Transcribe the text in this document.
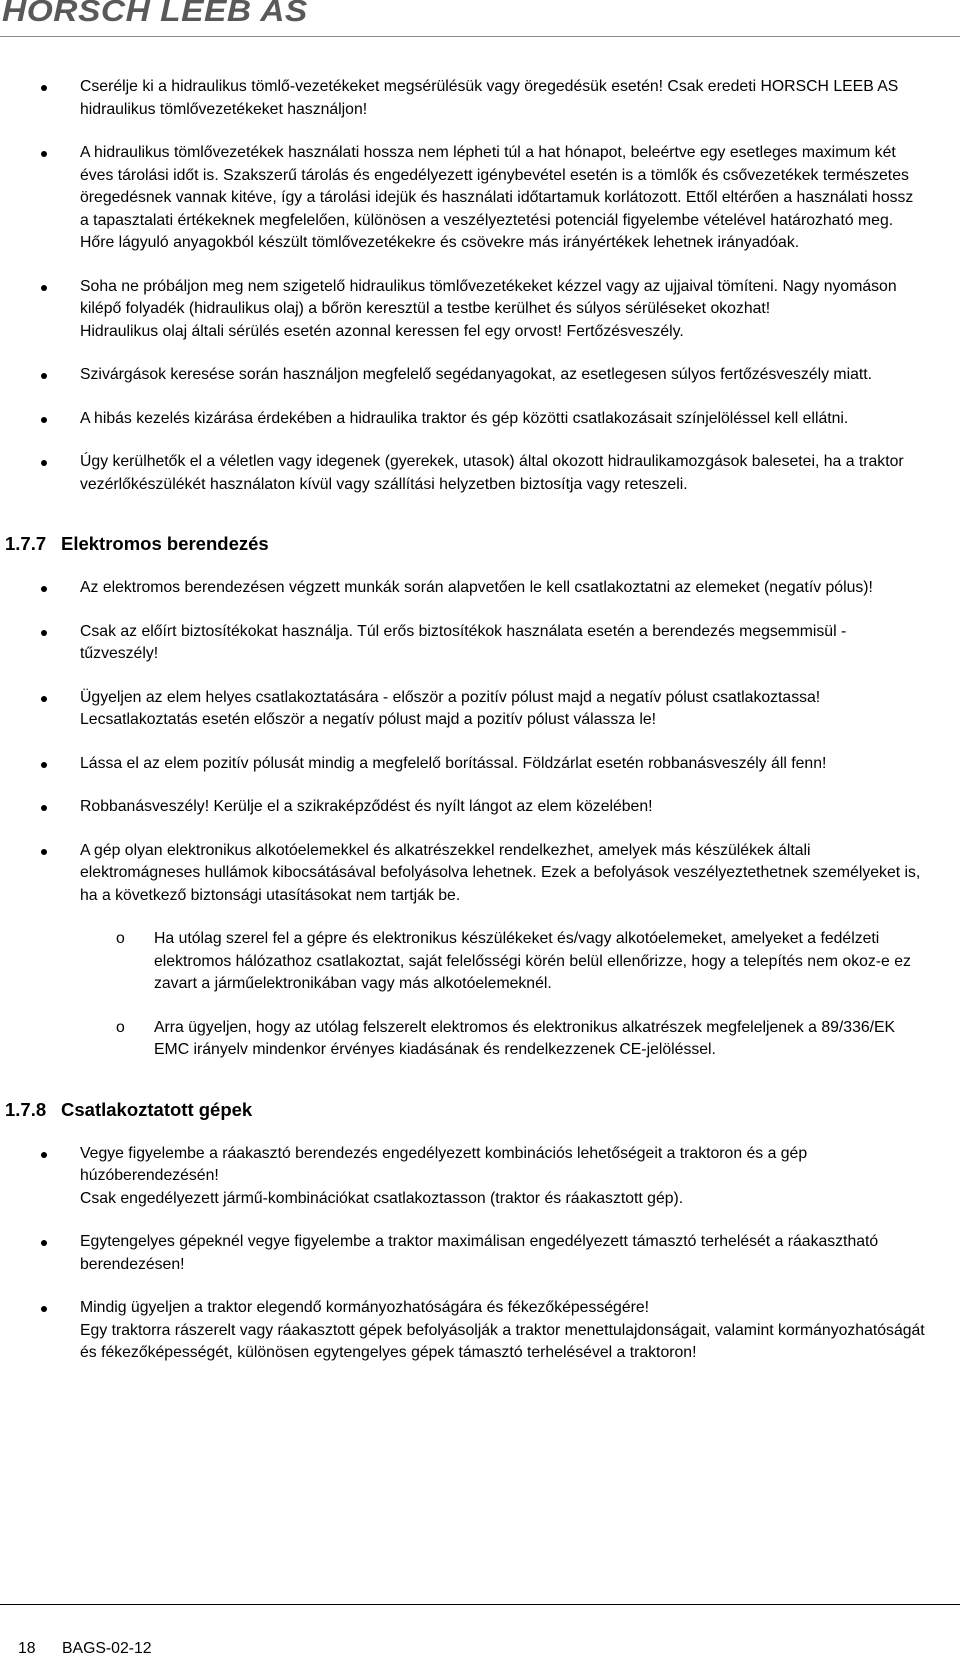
HORSCH LEEB AS

Cserélje ki a hidraulikus tömlő-vezetékeket megsérülésük vagy öregedésük esetén! Csak eredeti HORSCH LEEB AS hidraulikus tömlővezetékeket használjon!

A hidraulikus tömlővezetékek használati hossza nem lépheti túl a hat hónapot, beleértve egy esetleges maximum két éves tárolási időt is. Szakszerű tárolás és engedélyezett igénybevétel esetén is a tömlők és csővezetékek természetes öregedésnek vannak kitéve, így a tárolási idejük és használati időtartamuk korlátozott. Ettől eltérően a használati hossz a tapasztalati értékeknek megfelelően, különösen a veszélyeztetési potenciál figyelembe vételével határozható meg. Hőre lágyuló anyagokból készült tömlővezetékekre és csövekre más irányértékek lehetnek irányadóak.

Soha ne próbáljon meg nem szigetelő hidraulikus tömlővezetékeket kézzel vagy az ujjaival tömíteni. Nagy nyomáson kilépő folyadék (hidraulikus olaj) a bőrön keresztül a testbe kerülhet és súlyos sérüléseket okozhat!

Hidraulikus olaj általi sérülés esetén azonnal keressen fel egy orvost! Fertőzésveszély.

Szivárgások keresése során használjon megfelelő segédanyagokat, az esetlegesen súlyos fertőzésveszély miatt.

A hibás kezelés kizárása érdekében a hidraulika traktor és gép közötti csatlakozásait színjelöléssel kell ellátni.

Úgy kerülhetők el a véletlen vagy idegenek (gyerekek, utasok) által okozott hidraulikamozgások balesetei, ha a traktor vezérlőkészülékét használaton kívül vagy szállítási helyzetben biztosítja vagy reteszeli.

1.7.7 Elektromos berendezés

Az elektromos berendezésen végzett munkák során alapvetően le kell csatlakoztatni az elemeket (negatív pólus)!

Csak az előírt biztosítékokat használja. Túl erős biztosítékok használata esetén a berendezés megsemmisül - tűzveszély!

Ügyeljen az elem helyes csatlakoztatására - először a pozitív pólust majd a negatív pólust csatlakoztassa! Lecsatlakoztatás esetén először a negatív pólust majd a pozitív pólust válassza le!

Lássa el az elem pozitív pólusát mindig a megfelelő borítással. Földzárlat esetén robbanásveszély áll fenn!

Robbanásveszély! Kerülje el a szikraképződést és nyílt lángot az elem közelében!

A gép olyan elektronikus alkotóelemekkel és alkatrészekkel rendelkezhet, amelyek más készülékek általi elektromágneses hullámok kibocsátásával befolyásolva lehetnek. Ezek a befolyások veszélyeztethetnek személyeket is, ha a következő biztonsági utasításokat nem tartják be.

o Ha utólag szerel fel a gépre és elektronikus készülékeket és/vagy alkotóelemeket, amelyeket a fedélzeti elektromos hálózathoz csatlakoztat, saját felelősségi körén belül ellenőrizze, hogy a telepítés nem okoz-e ez zavart a járműelektronikában vagy más alkotóelemeknél.

o Arra ügyeljen, hogy az utólag felszerelt elektromos és elektronikus alkatrészek megfeleljenek a 89/336/EK EMC irányelv mindenkor érvényes kiadásának és rendelkezzenek CE-jelöléssel.

1.7.8 Csatlakoztatott gépek

Vegye figyelembe a ráakasztó berendezés engedélyezett kombinációs lehetőségeit a traktoron és a gép húzóberendezésén!

Csak engedélyezett jármű-kombinációkat csatlakoztasson (traktor és ráakasztott gép).

Egytengelyes gépeknél vegye figyelembe a traktor maximálisan engedélyezett támasztó terhelését a ráakasztható berendezésen!

Mindig ügyeljen a traktor elegendő kormányozhatóságára és fékezőképességére!

Egy traktorra rászerelt vagy ráakasztott gépek befolyásolják a traktor menettulajdonságait, valamint kormányozhatóságát és fékezőképességét, különösen egytengelyes gépek támasztó terhelésével a traktoron!

18 BAGS-02-12
